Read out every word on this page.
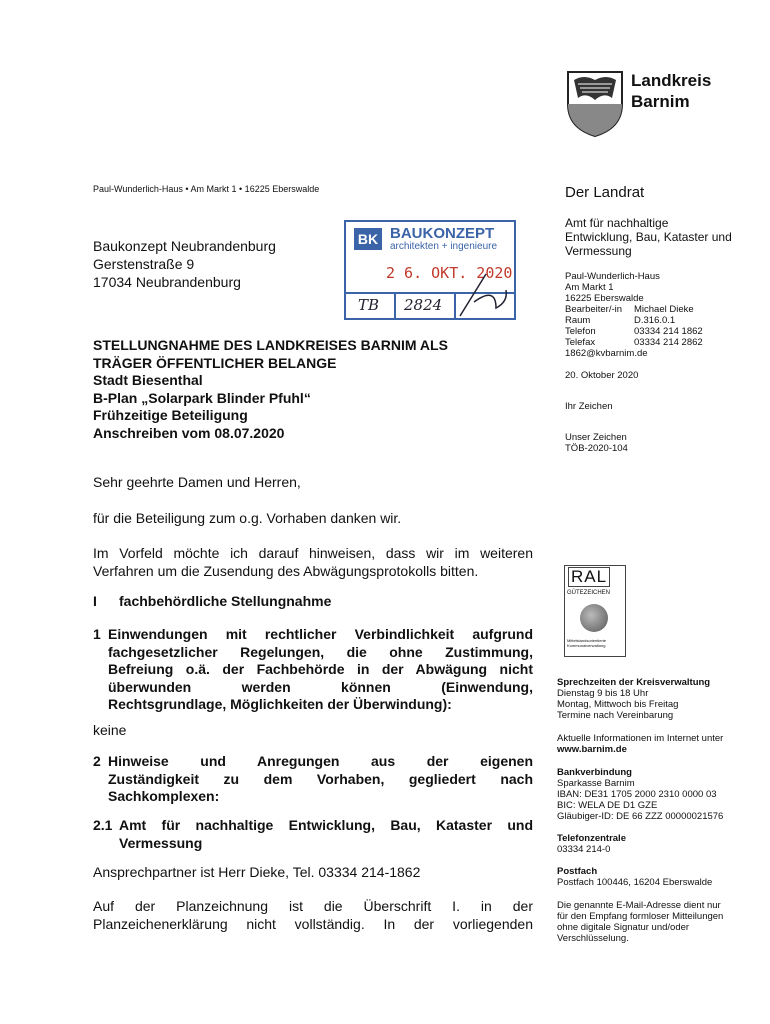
Landkreis
Barnim
Paul-Wunderlich-Haus • Am Markt 1 • 16225 Eberswalde
Baukonzept Neubrandenburg
Gerstenstraße 9
17034 Neubrandenburg
BK BAUKONZEPT
architekten + ingenieure
2 6. OKT. 2020
TB 2824
Der Landrat
Amt für nachhaltige
Entwicklung, Bau, Kataster und
Vermessung
Paul-Wunderlich-Haus
Am Markt 1
16225 Eberswalde
Bearbeiter/-in	Michael Dieke
Raum	D.316.0.1
Telefon	03334 214 1862
Telefax	03334 214 2862
1862@kvbarnim.de
20. Oktober 2020
Ihr Zeichen
Unser Zeichen
TÖB-2020-104
STELLUNGNAHME DES LANDKREISES BARNIM ALS
TRÄGER ÖFFENTLICHER BELANGE
Stadt Biesenthal
B-Plan „Solarpark Blinder Pfuhl“
Frühzeitige Beteiligung
Anschreiben vom 08.07.2020
Sehr geehrte Damen und Herren,
für die Beteiligung zum o.g. Vorhaben danken wir.
Im Vorfeld möchte ich darauf hinweisen, dass wir im weiteren
Verfahren um die Zusendung des Abwägungsprotokolls bitten.
I fachbehördliche Stellungnahme
1 Einwendungen mit rechtlicher Verbindlichkeit aufgrund
fachgesetzlicher Regelungen, die ohne Zustimmung,
Befreiung o.ä. der Fachbehörde in der Abwägung nicht
überwunden werden können (Einwendung,
Rechtsgrundlage, Möglichkeiten der Überwindung):
keine
2 Hinweise und Anregungen aus der eigenen
Zuständigkeit zu dem Vorhaben, gegliedert nach
Sachkomplexen:
2.1 Amt für nachhaltige Entwicklung, Bau, Kataster und
Vermessung
Ansprechpartner ist Herr Dieke, Tel. 03334 214-1862
Auf der Planzeichnung ist die Überschrift I. in der
Planzeichenerklärung nicht vollständig. In der vorliegenden
RAL
GÜTEZEICHEN
Mittelstandsorientierte Kommunalverwaltung
Sprechzeiten der Kreisverwaltung
Dienstag 9 bis 18 Uhr
Montag, Mittwoch bis Freitag
Termine nach Vereinbarung
Aktuelle Informationen im Internet unter
www.barnim.de
Bankverbindung
Sparkasse Barnim
IBAN: DE31 1705 2000 2310 0000 03
BIC: WELA DE D1 GZE
Gläubiger-ID: DE 66 ZZZ 00000021576
Telefonzentrale
03334 214-0
Postfach
Postfach 100446, 16204 Eberswalde
Die genannte E-Mail-Adresse dient nur
für den Empfang formloser Mitteilungen
ohne digitale Signatur und/oder
Verschlüsselung.
